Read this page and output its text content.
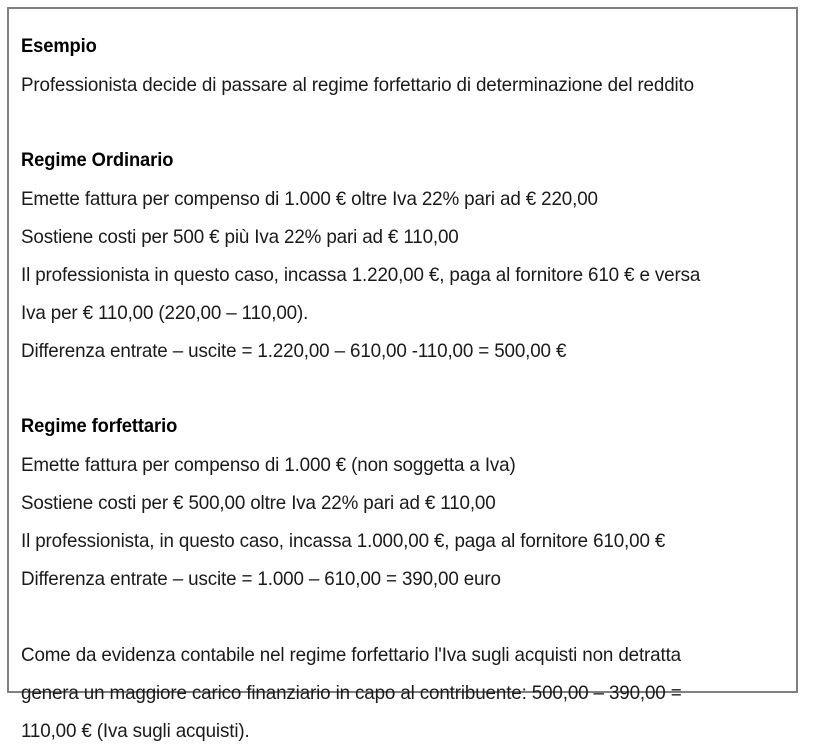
Esempio
Professionista decide di passare al regime forfettario di determinazione del reddito
Regime Ordinario
Emette fattura per compenso di 1.000 € oltre Iva 22% pari ad € 220,00
Sostiene costi per 500 € più Iva 22% pari ad € 110,00
Il professionista in questo caso, incassa 1.220,00 €, paga al fornitore 610 € e versa
Iva per € 110,00 (220,00 – 110,00).
Differenza entrate – uscite = 1.220,00 – 610,00 -110,00 = 500,00 €
Regime forfettario
Emette fattura per compenso di 1.000 € (non soggetta a Iva)
Sostiene costi per € 500,00 oltre Iva 22% pari ad € 110,00
Il professionista, in questo caso, incassa 1.000,00 €, paga al fornitore 610,00 €
Differenza entrate – uscite = 1.000 – 610,00 = 390,00 euro
Come da evidenza contabile nel regime forfettario l'Iva sugli acquisti non detratta
genera un maggiore carico finanziario in capo al contribuente: 500,00 – 390,00 =
110,00 € (Iva sugli acquisti).
